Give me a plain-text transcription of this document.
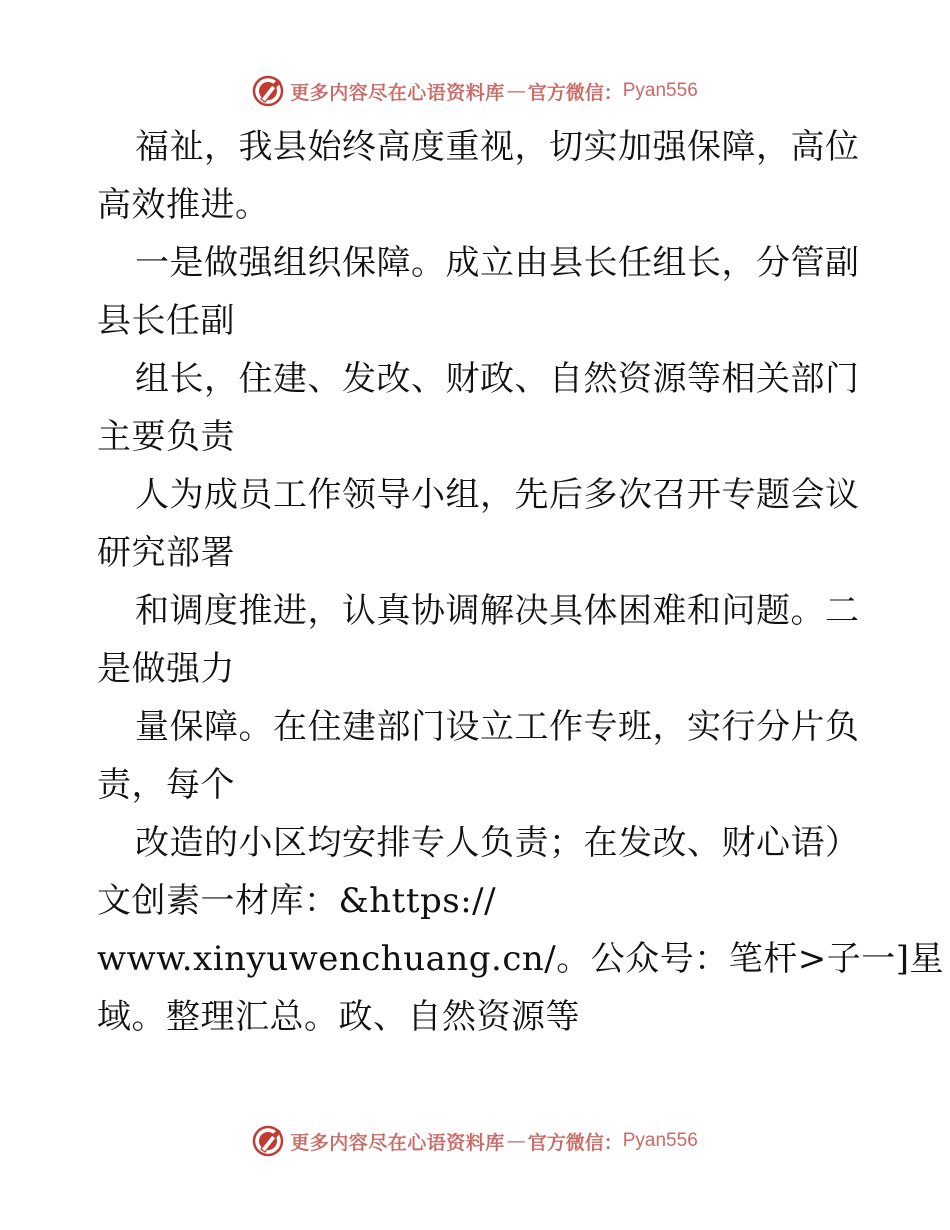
更多内容尽在心语资料库 — 官方微信： Pyan556
福祉，我县始终高度重视，切实加强保障，高位
高效推进。
一是做强组织保障。成立由县长任组长，分管副
县长任副
组长，住建、发改、财政、自然资源等相关部门
主要负责
人为成员工作领导小组，先后多次召开专题会议
研究部署
和调度推进，认真协调解决具体困难和问题。二
是做强力
量保障。在住建部门设立工作专班，实行分片负
责，每个
改造的小区均安排专人负责；在发改、财心语）
文创素一材库：&https://
www.xinyuwenchuang.cn/。公众号：笔杆>子一]星
域。整理汇总。政、自然资源等
更多内容尽在心语资料库 — 官方微信： Pyan556
